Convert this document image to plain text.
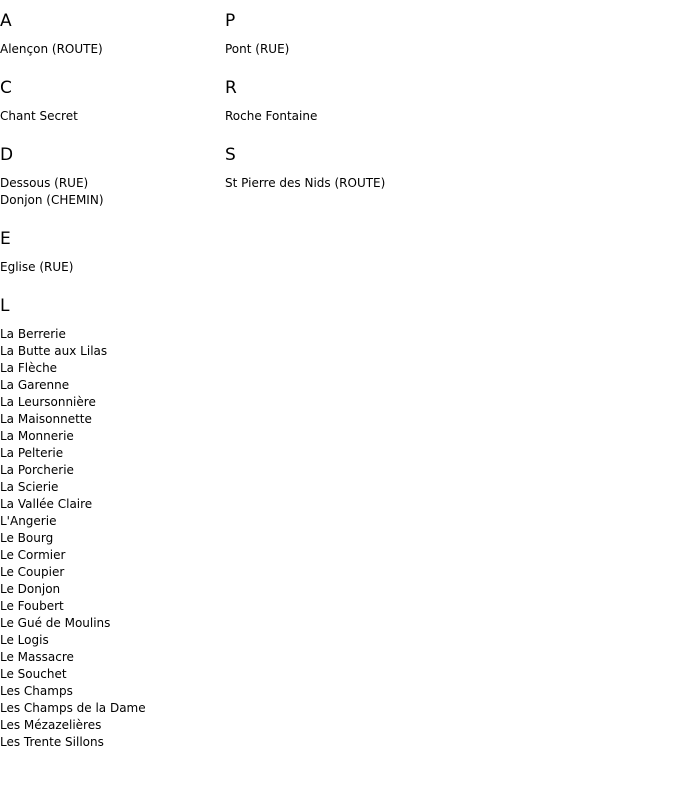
A
Alençon (ROUTE)
C
Chant Secret
D
Dessous (RUE)
Donjon (CHEMIN)
E
Eglise (RUE)
L
La Berrerie
La Butte aux Lilas
La Flèche
La Garenne
La Leursonnière
La Maisonnette
La Monnerie
La Pelterie
La Porcherie
La Scierie
La Vallée Claire
L'Angerie
Le Bourg
Le Cormier
Le Coupier
Le Donjon
Le Foubert
Le Gué de Moulins
Le Logis
Le Massacre
Le Souchet
Les Champs
Les Champs de la Dame
Les Mézazelières
Les Trente Sillons
P
Pont (RUE)
R
Roche Fontaine
S
St Pierre des Nids (ROUTE)
